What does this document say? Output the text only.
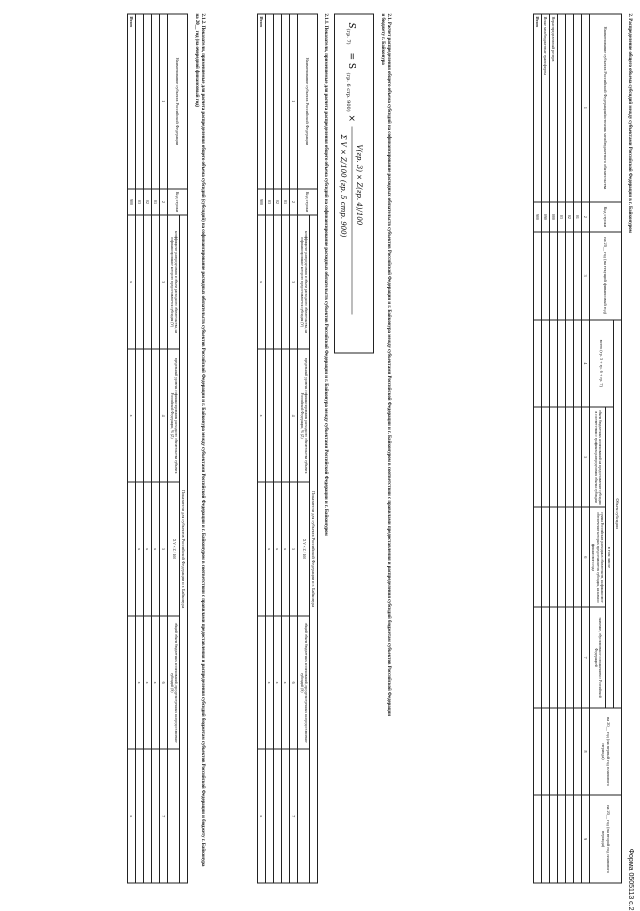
Форма 0505113 с.2
2. Распределение общего объема субсидий между субъектами Российской Федерации в г. Байконуром
Наименование субъекта Российской Федерации/источник межбюджетного обязательства	Код строки	на 20__ год (на текущий финансовый год)	Объем субсидии				на 20__ год (на первый год планового периода)	на 20__ год (на второй год планового периода)
			всего (гр. 3 + гр. 6 + гр. 7)	в том числе				
				объем бюджетных ассигнований на предоставление субсидии в соответствии с графиком распределения объема субсидии	сумма Российских расходных обязательств, на финансовое обеспечение которых предоставляется субсидия, на начало финансового года	значение, обусловленное соглашением с Российской Федерацией		
1	2	3	4	5	6	7	8	9
	01							
	02							
	03							
Нераспределенный резерв	000							
Иные межбюджетные трансферты	090							
Итого	900							
2.1. Расчет распределения общего объема субсидий на софинансирование расходных обязательств субъектов Российской Федерации и г. Байконура между субъектами Российской Федерации и г. Байконуром в соответствии с правилами предоставления и распределения субсидий бюджетам субъектов Российской Федерации
и бюджету г. Байконура
S
(гр. 7)
= S
(гр. 6 стр. 900)
×
V(гр. 3) × Z(гр. 4)/100
Σ V × Z/100 (гр. 5 стр. 900)
2.1.1. Показатели, применяемые для расчета распределения общего объема субсидий на софинансирование расходных обязательств субъектов Российской Федерации и г. Байконура между субъектами Российской Федерации и г. Байконуром
Наименование субъекта Российской Федерации	Код строки	Показатели для субъекта Российской Федерации и г. Байконура				
		коэффициент распределения и объем расходного обязательства, на софинансирование которого предоставляется субсидия (V)	предельный уровень софинансирования расходного обязательства субъекта Российской Федерации, % (Z)	Σ V × Z / 100	общий объем бюджетных ассигнований, предусмотренных на предоставление субсидий (S)	
1	2	3	4	5	6	7
	01			x	x	
	02			x	x	
	03			x	x	
Итого	900	x	x			x
2.1.2. Показатели, применяемые для расчета распределения общего объема субсидий (субсидий) на софинансирование расходных обязательств субъектов Российской Федерации и г. Байконура между субъектами Российской Федерации и г. Байконуром в соответствии с правилами предоставления и распределения субсидий бюджетам субъектов Российской Федерации и бюджету г. Байконура
на 20__ год (на очередной финансовый год)
Наименование субъекта Российской Федерации	Код строки	Показатели для субъектов Российской Федерации и г. Байконура				
		коэффициент распределения и объем расходного обязательства, на софинансирование которого предоставляется субсидия (V)	предельный уровень софинансирования расходного обязательства субъекта Российской Федерации, % (Z)	Σ V × Z / 100	общий объем бюджетных ассигнований, предусмотренных на предоставление субсидий (S)	
1	2	3	4	5	6	7
	01			x	x	
	02			x	x	
	03			x	x	
Итого	900	x	x			x
